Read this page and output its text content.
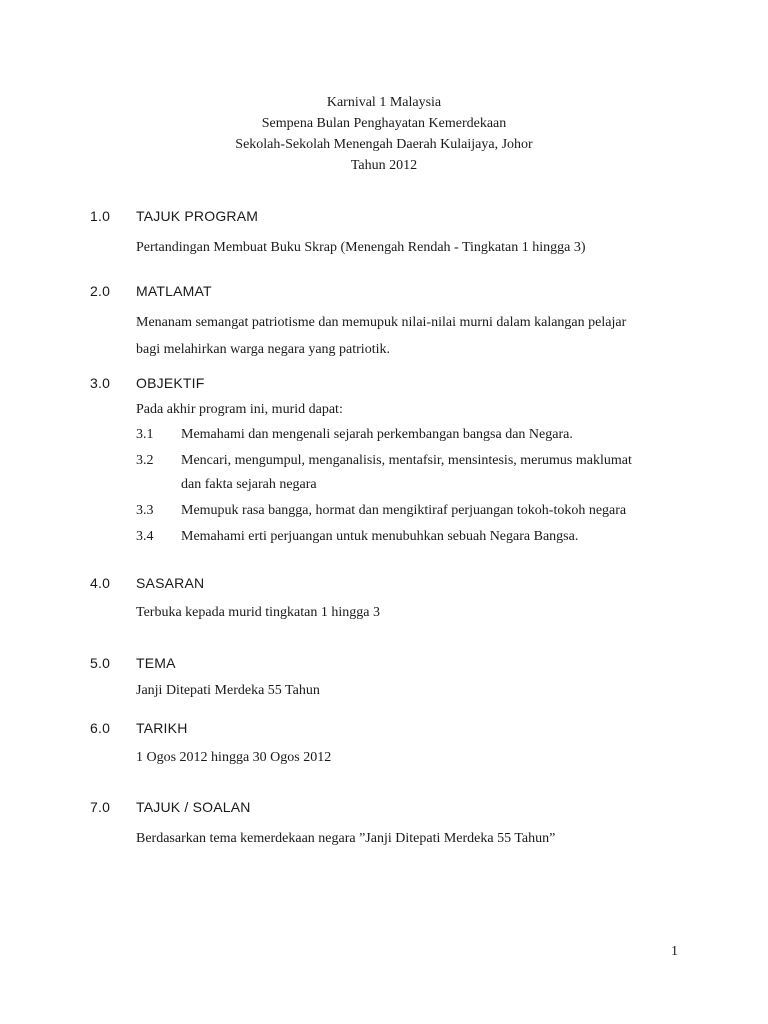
Karnival 1 Malaysia
Sempena Bulan Penghayatan Kemerdekaan
Sekolah-Sekolah Menengah Daerah Kulaijaya, Johor
Tahun 2012
1.0 TAJUK PROGRAM
Pertandingan Membuat Buku Skrap (Menengah Rendah - Tingkatan 1 hingga 3)
2.0 MATLAMAT
Menanam semangat patriotisme dan memupuk nilai-nilai murni dalam kalangan pelajar
bagi melahirkan warga negara yang patriotik.
3.0 OBJEKTIF
Pada akhir program ini, murid dapat:
3.1 Memahami dan mengenali sejarah perkembangan bangsa dan Negara.
3.2 Mencari, mengumpul, menganalisis, mentafsir, mensintesis, merumus maklumat
dan fakta sejarah negara
3.3 Memupuk rasa bangga, hormat dan mengiktiraf perjuangan tokoh-tokoh negara
3.4 Memahami erti perjuangan untuk menubuhkan sebuah Negara Bangsa.
4.0 SASARAN
Terbuka kepada murid tingkatan 1 hingga 3
5.0 TEMA
Janji Ditepati Merdeka 55 Tahun
6.0 TARIKH
1 Ogos 2012 hingga 30 Ogos 2012
7.0 TAJUK / SOALAN
Berdasarkan tema kemerdekaan negara ”Janji Ditepati Merdeka 55 Tahun”
1
